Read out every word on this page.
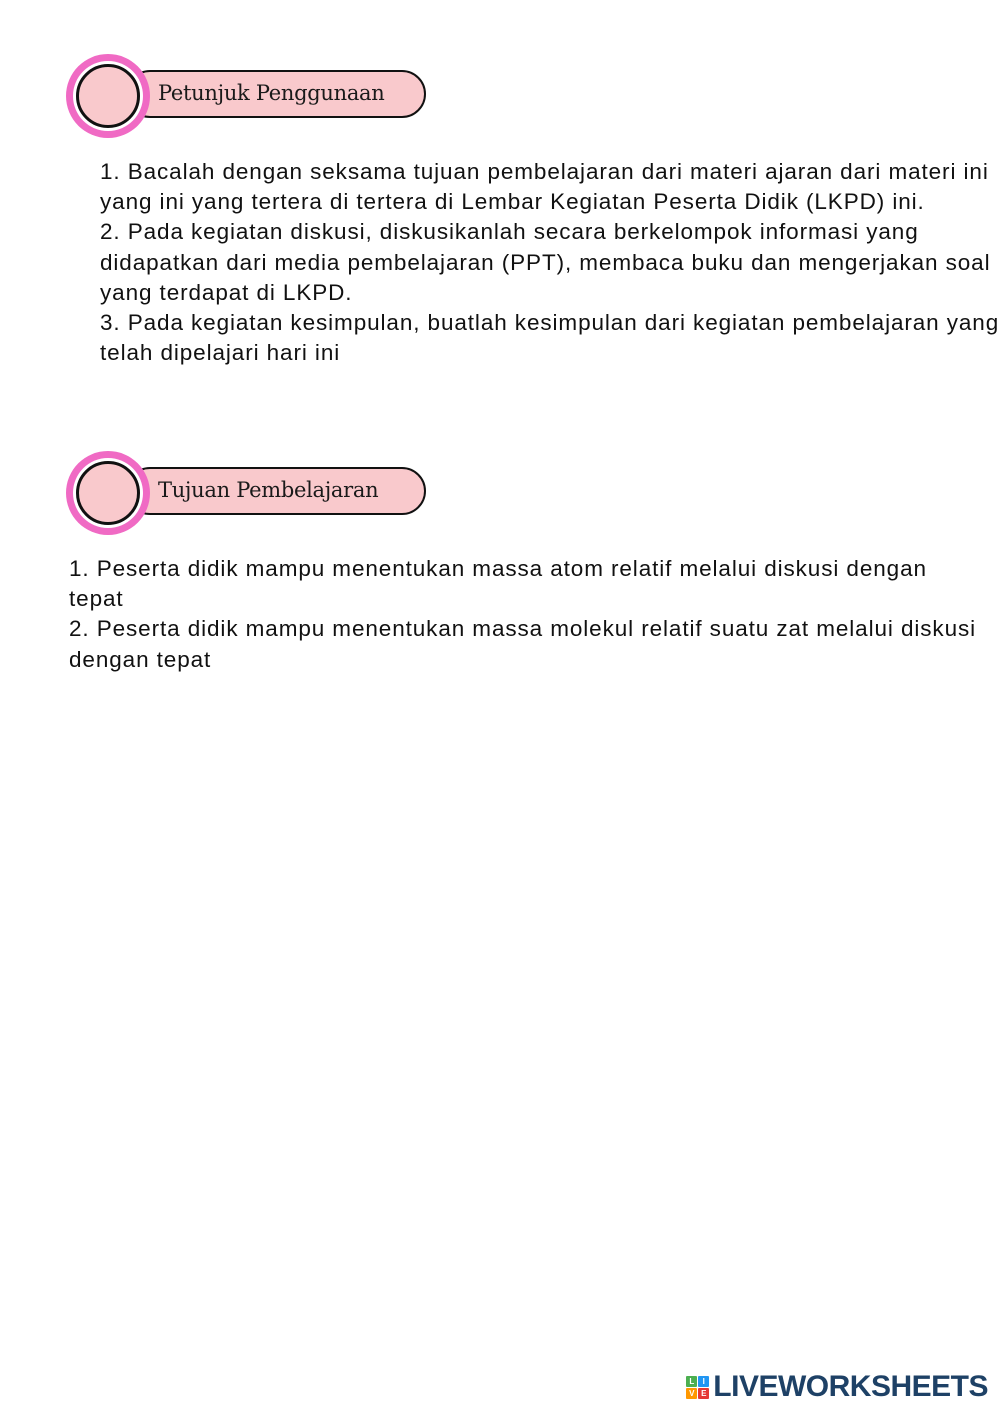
Petunjuk Penggunaan

1. Bacalah dengan seksama tujuan pembelajaran dari materi ajaran dari materi ini yang ini yang tertera di tertera di Lembar Kegiatan Peserta Didik (LKPD) ini.

2. Pada kegiatan diskusi, diskusikanlah secara berkelompok informasi yang didapatkan dari media pembelajaran (PPT), membaca buku dan mengerjakan soal yang terdapat di LKPD.

3. Pada kegiatan kesimpulan, buatlah kesimpulan dari kegiatan pembelajaran yang telah dipelajari hari ini

Tujuan Pembelajaran

1. Peserta didik mampu menentukan massa atom relatif melalui diskusi dengan tepat

2. Peserta didik mampu menentukan massa molekul relatif suatu zat melalui diskusi dengan tepat

L	I
V E LIVEWORKSHEETS
